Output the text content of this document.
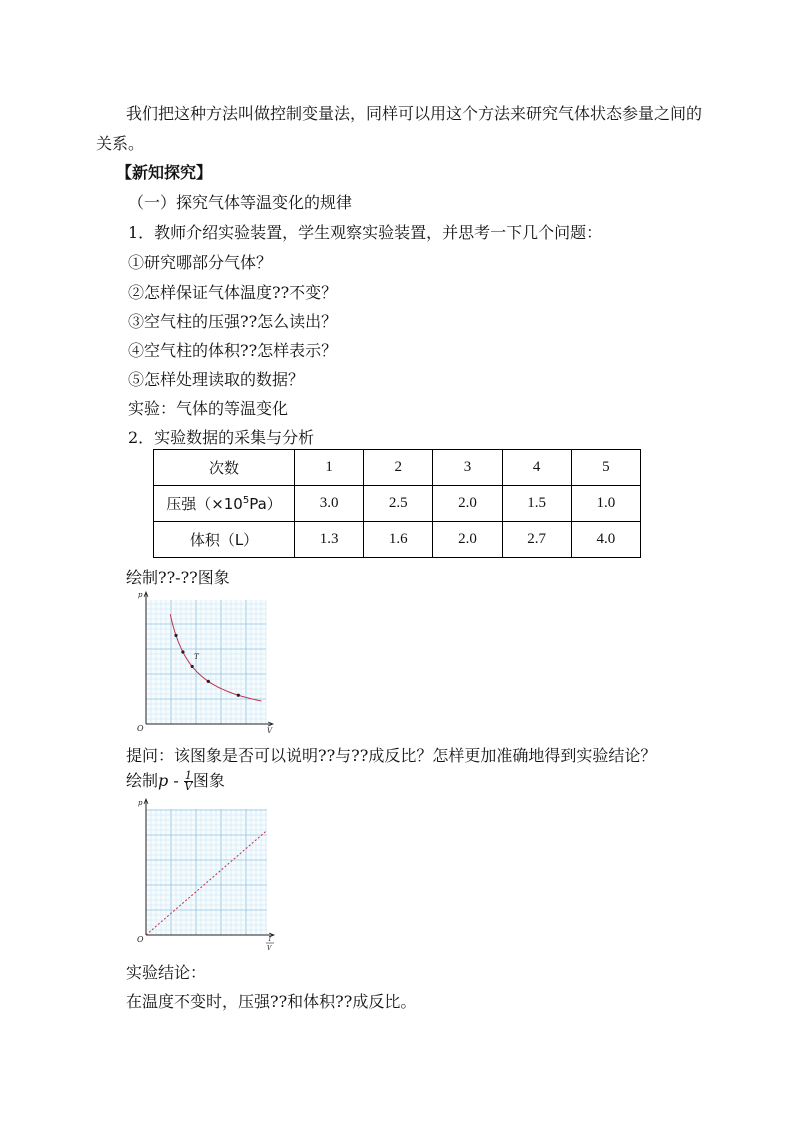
我们把这种方法叫做控制变量法，同样可以用这个方法来研究气体状态参量之间的
关系。
【新知探究】
（一）探究气体等温变化的规律
1．教师介绍实验装置，学生观察实验装置，并思考一下几个问题：
①研究哪部分气体？
②怎样保证气体温度??不变？
③空气柱的压强??怎么读出？
④空气柱的体积??怎样表示？
⑤怎样处理读取的数据？
实验：气体的等温变化
2．实验数据的采集与分析
次数	1	2	3	4	5
压强$(\times 10^5Pa)$	3.0	2.5	2.0	1.5	1.0
体积（L）	1.3	1.6	2.0	2.7	4.0
绘制??-??图象
p
V
O
T
提问：该图象是否可以说明??与??成反比？怎样更加准确地得到实验结论？
绘制p - $\frac{1}{V}$ 图象
p
O	1
V
实验结论：
在温度不变时，压强??和体积??成反比。
